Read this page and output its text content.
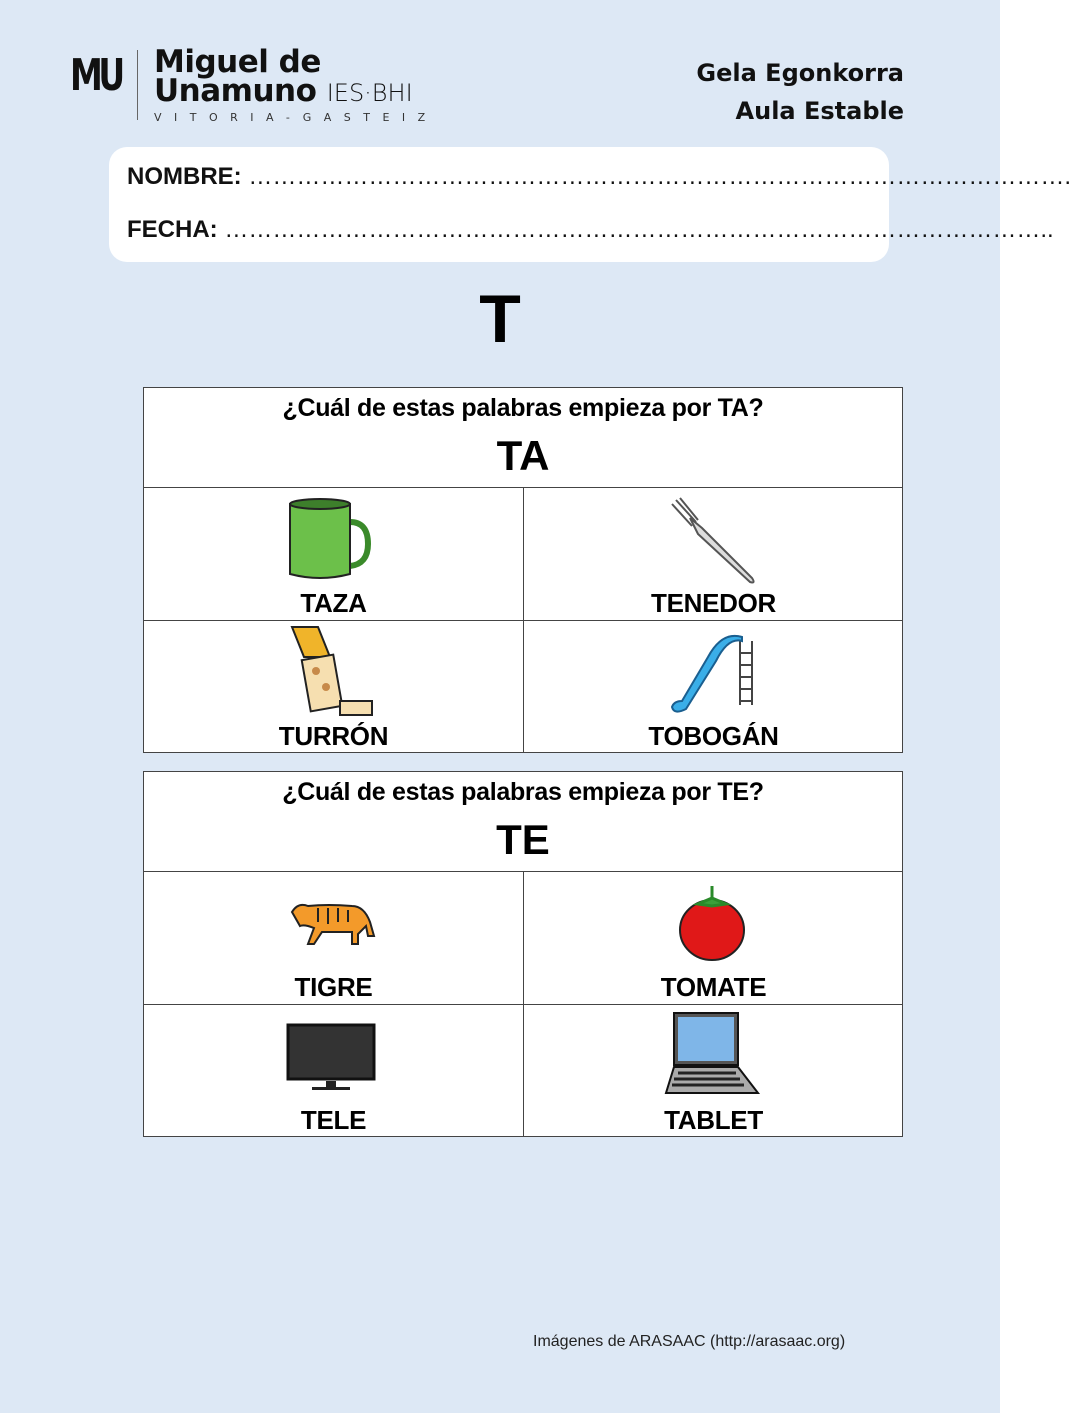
MU Miguel de
Unamuno IES·BHI
VITORIA-GASTEIZ
Gela Egonkorra
Aula Estable
NOMBRE: ………………………………………………………………………………………….
FECHA: …………………………………………………………………………………………..
T
¿Cuál de estas palabras empieza por TA?
TA
TAZA	TENEDOR
TURRÓN	TOBOGÁN
¿Cuál de estas palabras empieza por TE?
TE
TIGRE	TOMATE
TELE	TABLET
Imágenes de ARASAAC (http://arasaac.org)
